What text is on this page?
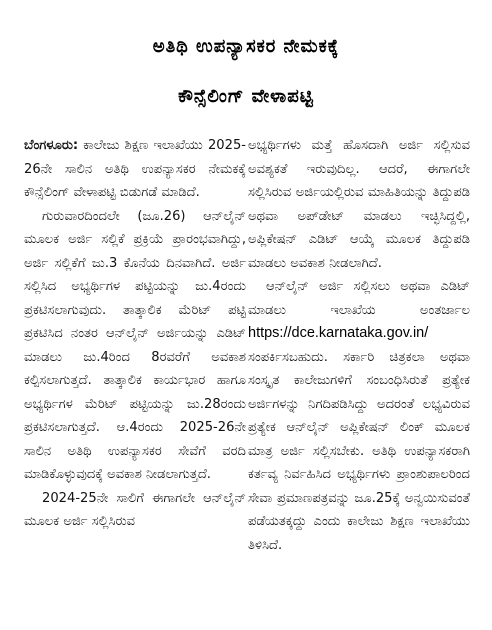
ಅತಿಥಿ ಉಪನ್ಯಾಸಕರ ನೇಮಕಕ್ಕೆ
ಕೌನ್ಸೆಲಿಂಗ್ ವೇಳಾಪಟ್ಟಿ

ಬೆಂಗಳೂರು: ಕಾಲೇಜು ಶಿಕ್ಷಣ ಇಲಾಖೆಯು 2025-26ನೇ ಸಾಲಿನ ಅತಿಥಿ ಉಪನ್ಯಾಸಕರ ನೇಮಕಕ್ಕೆ ಕೌನ್ಸೆಲಿಂಗ್ ವೇಳಾಪಟ್ಟಿ ಬಿಡುಗಡೆ ಮಾಡಿದೆ.

ಗುರುವಾರದಿಂದಲೇ (ಜೂ.26) ಆನ್‌ಲೈನ್ ಮೂಲಕ ಅರ್ಜಿ ಸಲ್ಲಿಕೆ ಪ್ರಕ್ರಿಯೆ ಪ್ರಾರಂಭವಾಗಿದ್ದು, ಅರ್ಜಿ ಸಲ್ಲಿಕೆಗೆ ಜು.3 ಕೊನೆಯ ದಿನವಾಗಿದೆ. ಅರ್ಜಿ ಸಲ್ಲಿಸಿದ ಅಭ್ಯರ್ಥಿಗಳ ಪಟ್ಟಿಯನ್ನು ಜು.4ರಂದು ಪ್ರಕಟಿಸಲಾಗುವುದು. ತಾತ್ಕಾಲಿಕ ಮೆರಿಟ್ ಪಟ್ಟಿ ಪ್ರಕಟಿಸಿದ ನಂತರ ಆನ್‌ಲೈನ್ ಅರ್ಜಿಯನ್ನು ಎಡಿಟ್ ಮಾಡಲು ಜು.4ರಿಂದ 8ರವರೆಗೆ ಅವಕಾಶ ಕಲ್ಪಿಸಲಾಗುತ್ತದೆ. ತಾತ್ಕಾಲಿಕ ಕಾರ್ಯಭಾರ ಹಾಗೂ ಅಭ್ಯರ್ಥಿಗಳ ಮೆರಿಟ್ ಪಟ್ಟಿಯನ್ನು ಜು.28ರಂದು ಪ್ರಕಟಿಸಲಾಗುತ್ತದೆ. ಆ.4ರಂದು 2025-26ನೇ ಸಾಲಿನ ಅತಿಥಿ ಉಪನ್ಯಾಸಕರ ಸೇವೆಗೆ ವರದಿ ಮಾಡಿಕೊಳ್ಳುವುದಕ್ಕೆ ಅವಕಾಶ ನೀಡಲಾಗುತ್ತದೆ.

2024-25ನೇ ಸಾಲಿಗೆ ಈಗಾಗಲೇ ಆನ್‌ಲೈನ್ ಮೂಲಕ ಅರ್ಜಿ ಸಲ್ಲಿಸಿರುವ

ಅಭ್ಯರ್ಥಿಗಳು ಮತ್ತೆ ಹೊಸದಾಗಿ ಅರ್ಜಿ ಸಲ್ಲಿಸುವ ಅವಶ್ಯಕತೆ ಇರುವುದಿಲ್ಲ. ಆದರೆ, ಈಗಾಗಲೇ ಸಲ್ಲಿಸಿರುವ ಅರ್ಜಿಯಲ್ಲಿರುವ ಮಾಹಿತಿಯನ್ನು ತಿದ್ದುಪಡಿ ಅಥವಾ ಅಪ್‌ಡೇಟ್ ಮಾಡಲು ಇಚ್ಛಿಸಿದ್ದಲ್ಲಿ, ಅಪ್ಲಿಕೇಷನ್ ಎಡಿಟ್ ಆಯ್ಕೆ ಮೂಲಕ ತಿದ್ದುಪಡಿ ಮಾಡಲು ಅವಕಾಶ ನೀಡಲಾಗಿದೆ.

ಆನ್‌ಲೈನ್ ಅರ್ಜಿ ಸಲ್ಲಿಸಲು ಅಥವಾ ಎಡಿಟ್ ಮಾಡಲು ಇಲಾಖೆಯ ಅಂತರ್ಜಾಲ https://dce.karnataka.gov.in/ ಸಂಪರ್ಕಿಸಬಹುದು. ಸರ್ಕಾರಿ ಚಿತ್ರಕಲಾ ಅಥವಾ ಸಂಸ್ಕೃತ ಕಾಲೇಜುಗಳಿಗೆ ಸಂಬಂಧಿಸಿರುತೆ ಪ್ರತ್ಯೇಕ ಅರ್ಜಿಗಳನ್ನು ನಿಗದಿಪಡಿಸಿದ್ದು ಅದರಂತೆ ಲಭ್ಯವಿರುವ ಪ್ರತ್ಯೇಕ ಆನ್‌ಲೈನ್ ಅಪ್ಲಿಕೇಷನ್ ಲಿಂಕ್ ಮೂಲಕ ಮಾತ್ರ ಅರ್ಜಿ ಸಲ್ಲಿಸಬೇಕು. ಅತಿಥಿ ಉಪನ್ಯಾಸಕರಾಗಿ ಕರ್ತವ್ಯ ನಿರ್ವಹಿಸಿದ ಅಭ್ಯರ್ಥಿಗಳು ಪ್ರಾಂಶುಪಾಲರಿಂದ ಸೇವಾ ಪ್ರಮಾಣಪತ್ರವನ್ನು ಜೂ.25ಕ್ಕೆ ಅನ್ವಯಿಸುವಂತೆ ಪಡೆಯತಕ್ಕದ್ದು ಎಂದು ಕಾಲೇಜು ಶಿಕ್ಷಣ ಇಲಾಖೆಯು ತಿಳಿಸಿದೆ.
